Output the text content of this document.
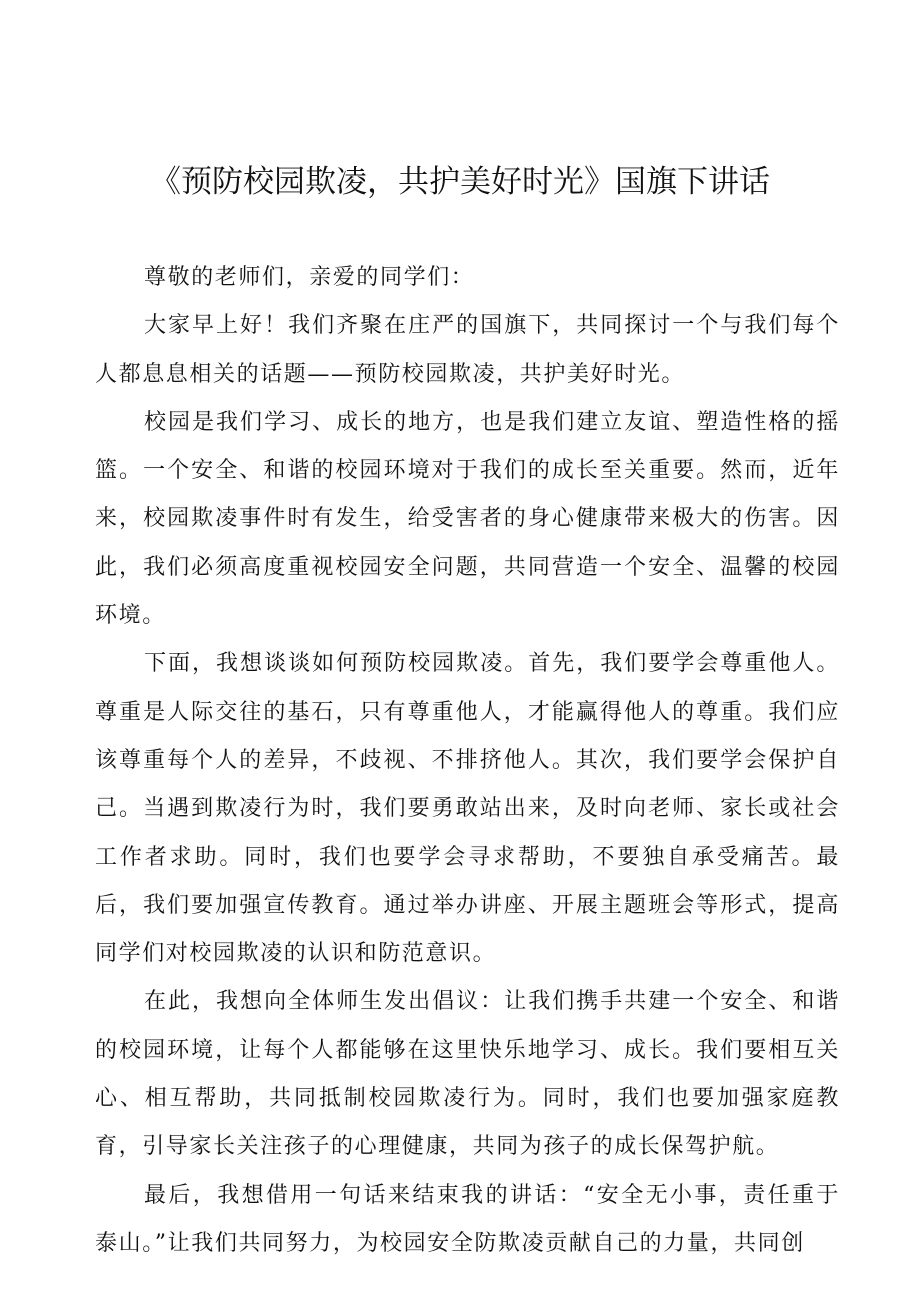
《预防校园欺凌，共护美好时光》国旗下讲话

尊敬的老师们，亲爱的同学们：

大家早上好！我们齐聚在庄严的国旗下，共同探讨一个与我们每个人都息息相关的话题——预防校园欺凌，共护美好时光。

校园是我们学习、成长的地方，也是我们建立友谊、塑造性格的摇篮。一个安全、和谐的校园环境对于我们的成长至关重要。然而，近年来，校园欺凌事件时有发生，给受害者的身心健康带来极大的伤害。因此，我们必须高度重视校园安全问题，共同营造一个安全、温馨的校园环境。

下面，我想谈谈如何预防校园欺凌。首先，我们要学会尊重他人。尊重是人际交往的基石，只有尊重他人，才能赢得他人的尊重。我们应该尊重每个人的差异，不歧视、不排挤他人。其次，我们要学会保护自己。当遇到欺凌行为时，我们要勇敢站出来，及时向老师、家长或社会工作者求助。同时，我们也要学会寻求帮助，不要独自承受痛苦。最后，我们要加强宣传教育。通过举办讲座、开展主题班会等形式，提高同学们对校园欺凌的认识和防范意识。

在此，我想向全体师生发出倡议：让我们携手共建一个安全、和谐的校园环境，让每个人都能够在这里快乐地学习、成长。我们要相互关心、相互帮助，共同抵制校园欺凌行为。同时，我们也要加强家庭教育，引导家长关注孩子的心理健康，共同为孩子的成长保驾护航。

最后，我想借用一句话来结束我的讲话：“安全无小事，责任重于泰山。”让我们共同努力，为校园安全防欺凌贡献自己的力量，共同创
